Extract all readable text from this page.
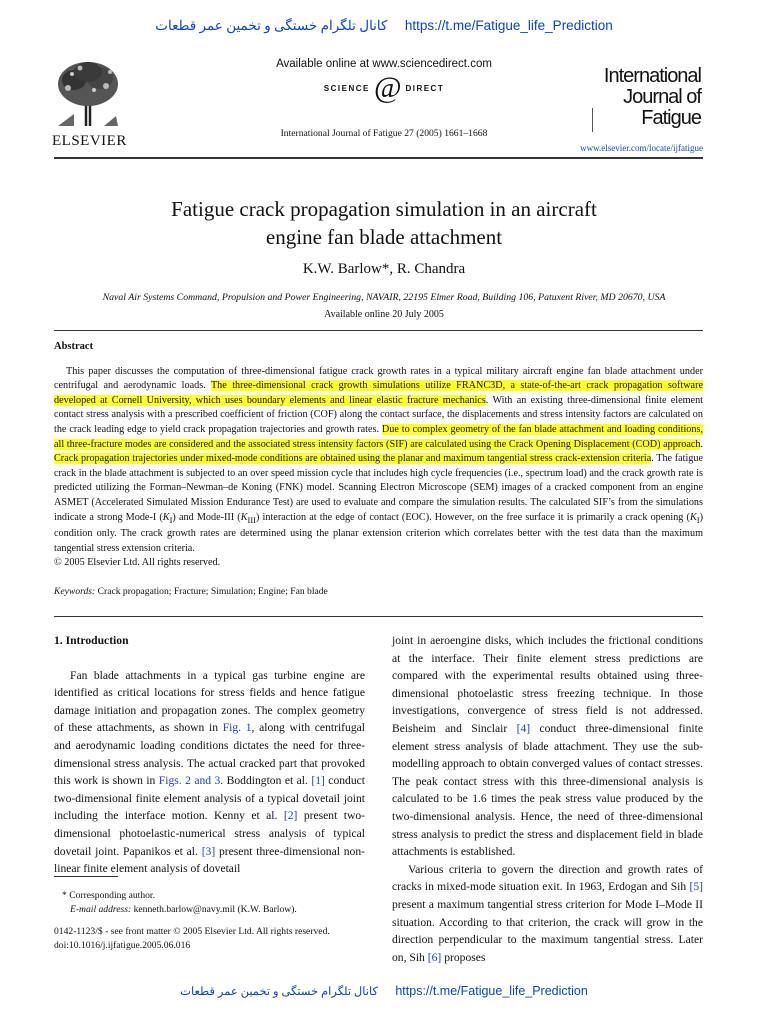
کانال تلگرام خستگی و تخمین عمر قطعات https://t.me/Fatigue_life_Prediction
ELSEVIER
Available online at www.sciencedirect.com
SCIENCE @ DIRECT
International Journal of Fatigue 27 (2005) 1661–1668
International
Journal of
Fatigue
www.elsevier.com/locate/ijfatigue
Fatigue crack propagation simulation in an aircraft
engine fan blade attachment
K.W. Barlow*, R. Chandra
Naval Air Systems Command, Propulsion and Power Engineering, NAVAIR, 22195 Elmer Road, Building 106, Patuxent River, MD 20670, USA
Available online 20 July 2005
Abstract

This paper discusses the computation of three-dimensional fatigue crack growth rates in a typical military aircraft engine fan blade attachment under centrifugal and aerodynamic loads. The three-dimensional crack growth simulations utilize FRANC3D, a state-of-the-art crack propagation software developed at Cornell University, which uses boundary elements and linear elastic fracture mechanics. With an existing three-dimensional finite element contact stress analysis with a prescribed coefficient of friction (COF) along the contact surface, the displacements and stress intensity factors are calculated on the crack leading edge to yield crack propagation trajectories and growth rates. Due to complex geometry of the fan blade attachment and loading conditions, all three-fracture modes are considered and the associated stress intensity factors (SIF) are calculated using the Crack Opening Displacement (COD) approach. Crack propagation trajectories under mixed-mode conditions are obtained using the planar and maximum tangential stress crack-extension criteria. The fatigue crack in the blade attachment is subjected to an over speed mission cycle that includes high cycle frequencies (i.e., spectrum load) and the crack growth rate is predicted utilizing the Forman–Newman–de Koning (FNK) model. Scanning Electron Microscope (SEM) images of a cracked component from an engine ASMET (Accelerated Simulated Mission Endurance Test) are used to evaluate and compare the simulation results. The calculated SIF’s from the simulations indicate a strong Mode-I $(K_I)$ and Mode-III $(K_{III})$ interaction at the edge of contact (EOC). However, on the free surface it is primarily a crack opening $(K_I)$ condition only. The crack growth rates are determined using the planar extension criterion which correlates better with the test data than the maximum tangential stress extension criteria.

© 2005 Elsevier Ltd. All rights reserved.
Keywords: Crack propagation; Fracture; Simulation; Engine; Fan blade
1. Introduction

Fan blade attachments in a typical gas turbine engine are identified as critical locations for stress fields and hence fatigue damage initiation and propagation zones. The complex geometry of these attachments, as shown in Fig. 1, along with centrifugal and aerodynamic loading conditions dictates the need for three-dimensional stress analysis. The actual cracked part that provoked this work is shown in Figs. 2 and 3. Boddington et al. [1] conduct two-dimensional finite element analysis of a typical dovetail joint including the interface motion. Kenny et al. [2] present two-dimensional photoelastic-numerical stress analysis of typical dovetail joint. Papanikos et al. [3] present three-dimensional non-linear finite element analysis of dovetail

joint in aeroengine disks, which includes the frictional conditions at the interface. Their finite element stress predictions are compared with the experimental results obtained using three-dimensional photoelastic stress freezing technique. In those investigations, convergence of stress field is not addressed. Beisheim and Sinclair [4] conduct three-dimensional finite element stress analysis of blade attachment. They use the sub-modelling approach to obtain converged values of contact stresses. The peak contact stress with this three-dimensional analysis is calculated to be 1.6 times the peak stress value produced by the two-dimensional analysis. Hence, the need of three-dimensional stress analysis to predict the stress and displacement field in blade attachments is established.

Various criteria to govern the direction and growth rates of cracks in mixed-mode situation exit. In 1963, Erdogan and Sih [5] present a maximum tangential stress criterion for Mode I–Mode II situation. According to that criterion, the crack will grow in the direction perpendicular to the maximum tangential stress. Later on, Sih [6] proposes

* Corresponding author.
E-mail address: kenneth.barlow@navy.mil (K.W. Barlow).
0142-1123/$ - see front matter © 2005 Elsevier Ltd. All rights reserved.
doi:10.1016/j.ijfatigue.2005.06.016
کانال تلگرام خستگی و تخمین عمر قطعات https://t.me/Fatigue_life_Prediction
